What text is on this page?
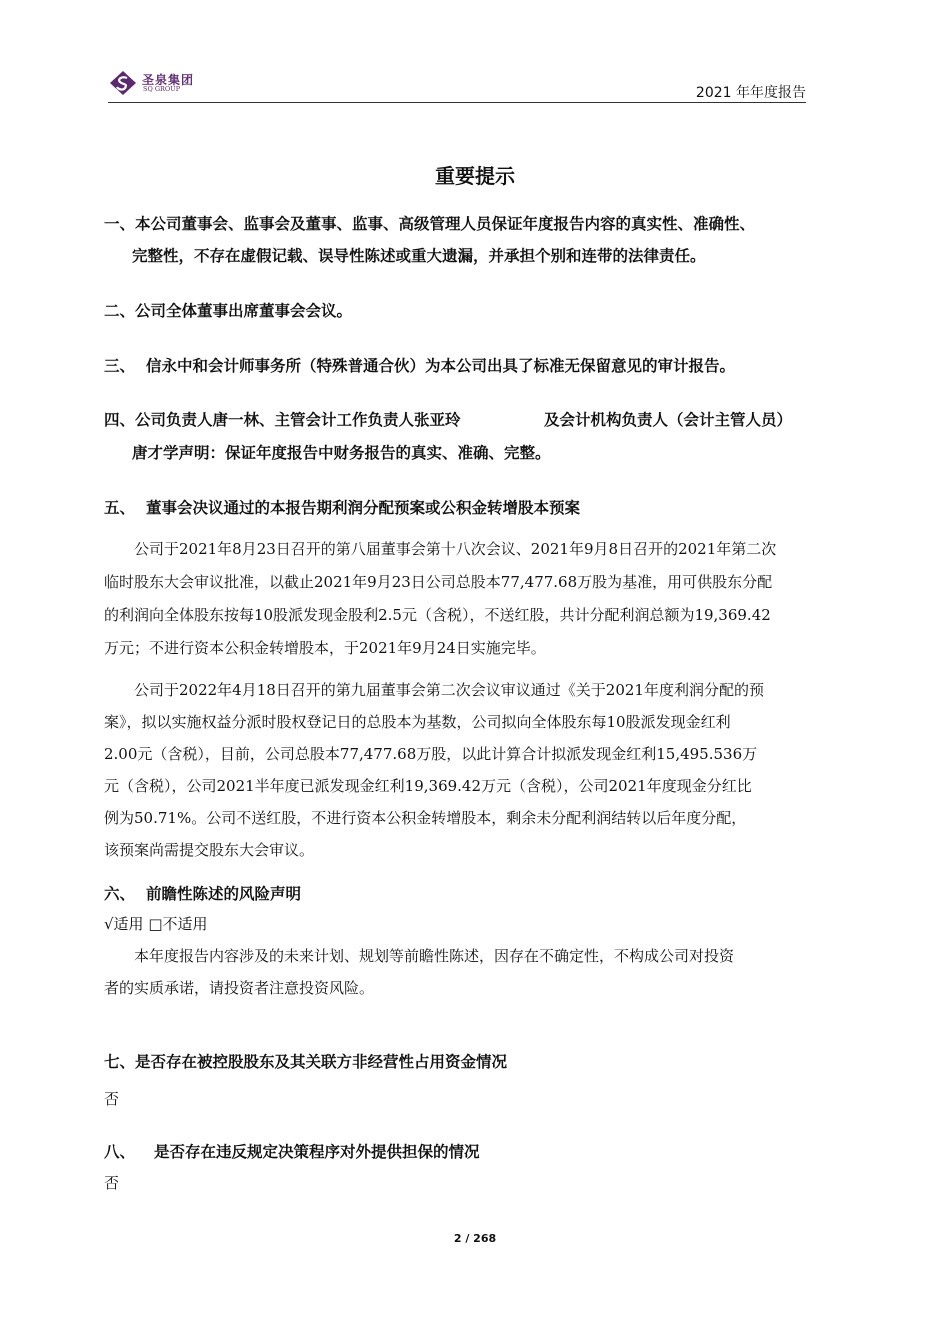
圣泉集团
SQ GROUP	2021 年年度报告
重要提示
一、本公司董事会、监事会及董事、监事、高级管理人员保证年度报告内容的真实性、准确性、
完整性，不存在虚假记载、误导性陈述或重大遗漏，并承担个别和连带的法律责任。
二、公司全体董事出席董事会会议。
三、 信永中和会计师事务所（特殊普通合伙）为本公司出具了标准无保留意见的审计报告。
四、公司负责人唐一林、主管会计工作负责人张亚玲	及会计机构负责人（会计主管人员）
唐才学声明：保证年度报告中财务报告的真实、准确、完整。
五、 董事会决议通过的本报告期利润分配预案或公积金转增股本预案
公司于2021年8月23日召开的第八届董事会第十八次会议、2021年9月8日召开的2021年第二次
临时股东大会审议批准，以截止2021年9月23日公司总股本77,477.68万股为基准，用可供股东分配
的利润向全体股东按每10股派发现金股利2.5元（含税），不送红股，共计分配利润总额为19,369.42
万元；不进行资本公积金转增股本，于2021年9月24日实施完毕。
公司于2022年4月18日召开的第九届董事会第二次会议审议通过《关于2021年度利润分配的预
案》，拟以实施权益分派时股权登记日的总股本为基数，公司拟向全体股东每10股派发现金红利
2.00元（含税），目前，公司总股本77,477.68万股，以此计算合计拟派发现金红利15,495.536万
元（含税），公司2021半年度已派发现金红利19,369.42万元（含税），公司2021年度现金分红比
例为50.71%。公司不送红股，不进行资本公积金转增股本，剩余未分配利润结转以后年度分配，
该预案尚需提交股东大会审议。
六、 前瞻性陈述的风险声明
√适用 □不适用
本年度报告内容涉及的未来计划、规划等前瞻性陈述，因存在不确定性，不构成公司对投资
者的实质承诺，请投资者注意投资风险。
七、是否存在被控股股东及其关联方非经营性占用资金情况
否
八、 是否存在违反规定决策程序对外提供担保的情况
否
2 / 268
